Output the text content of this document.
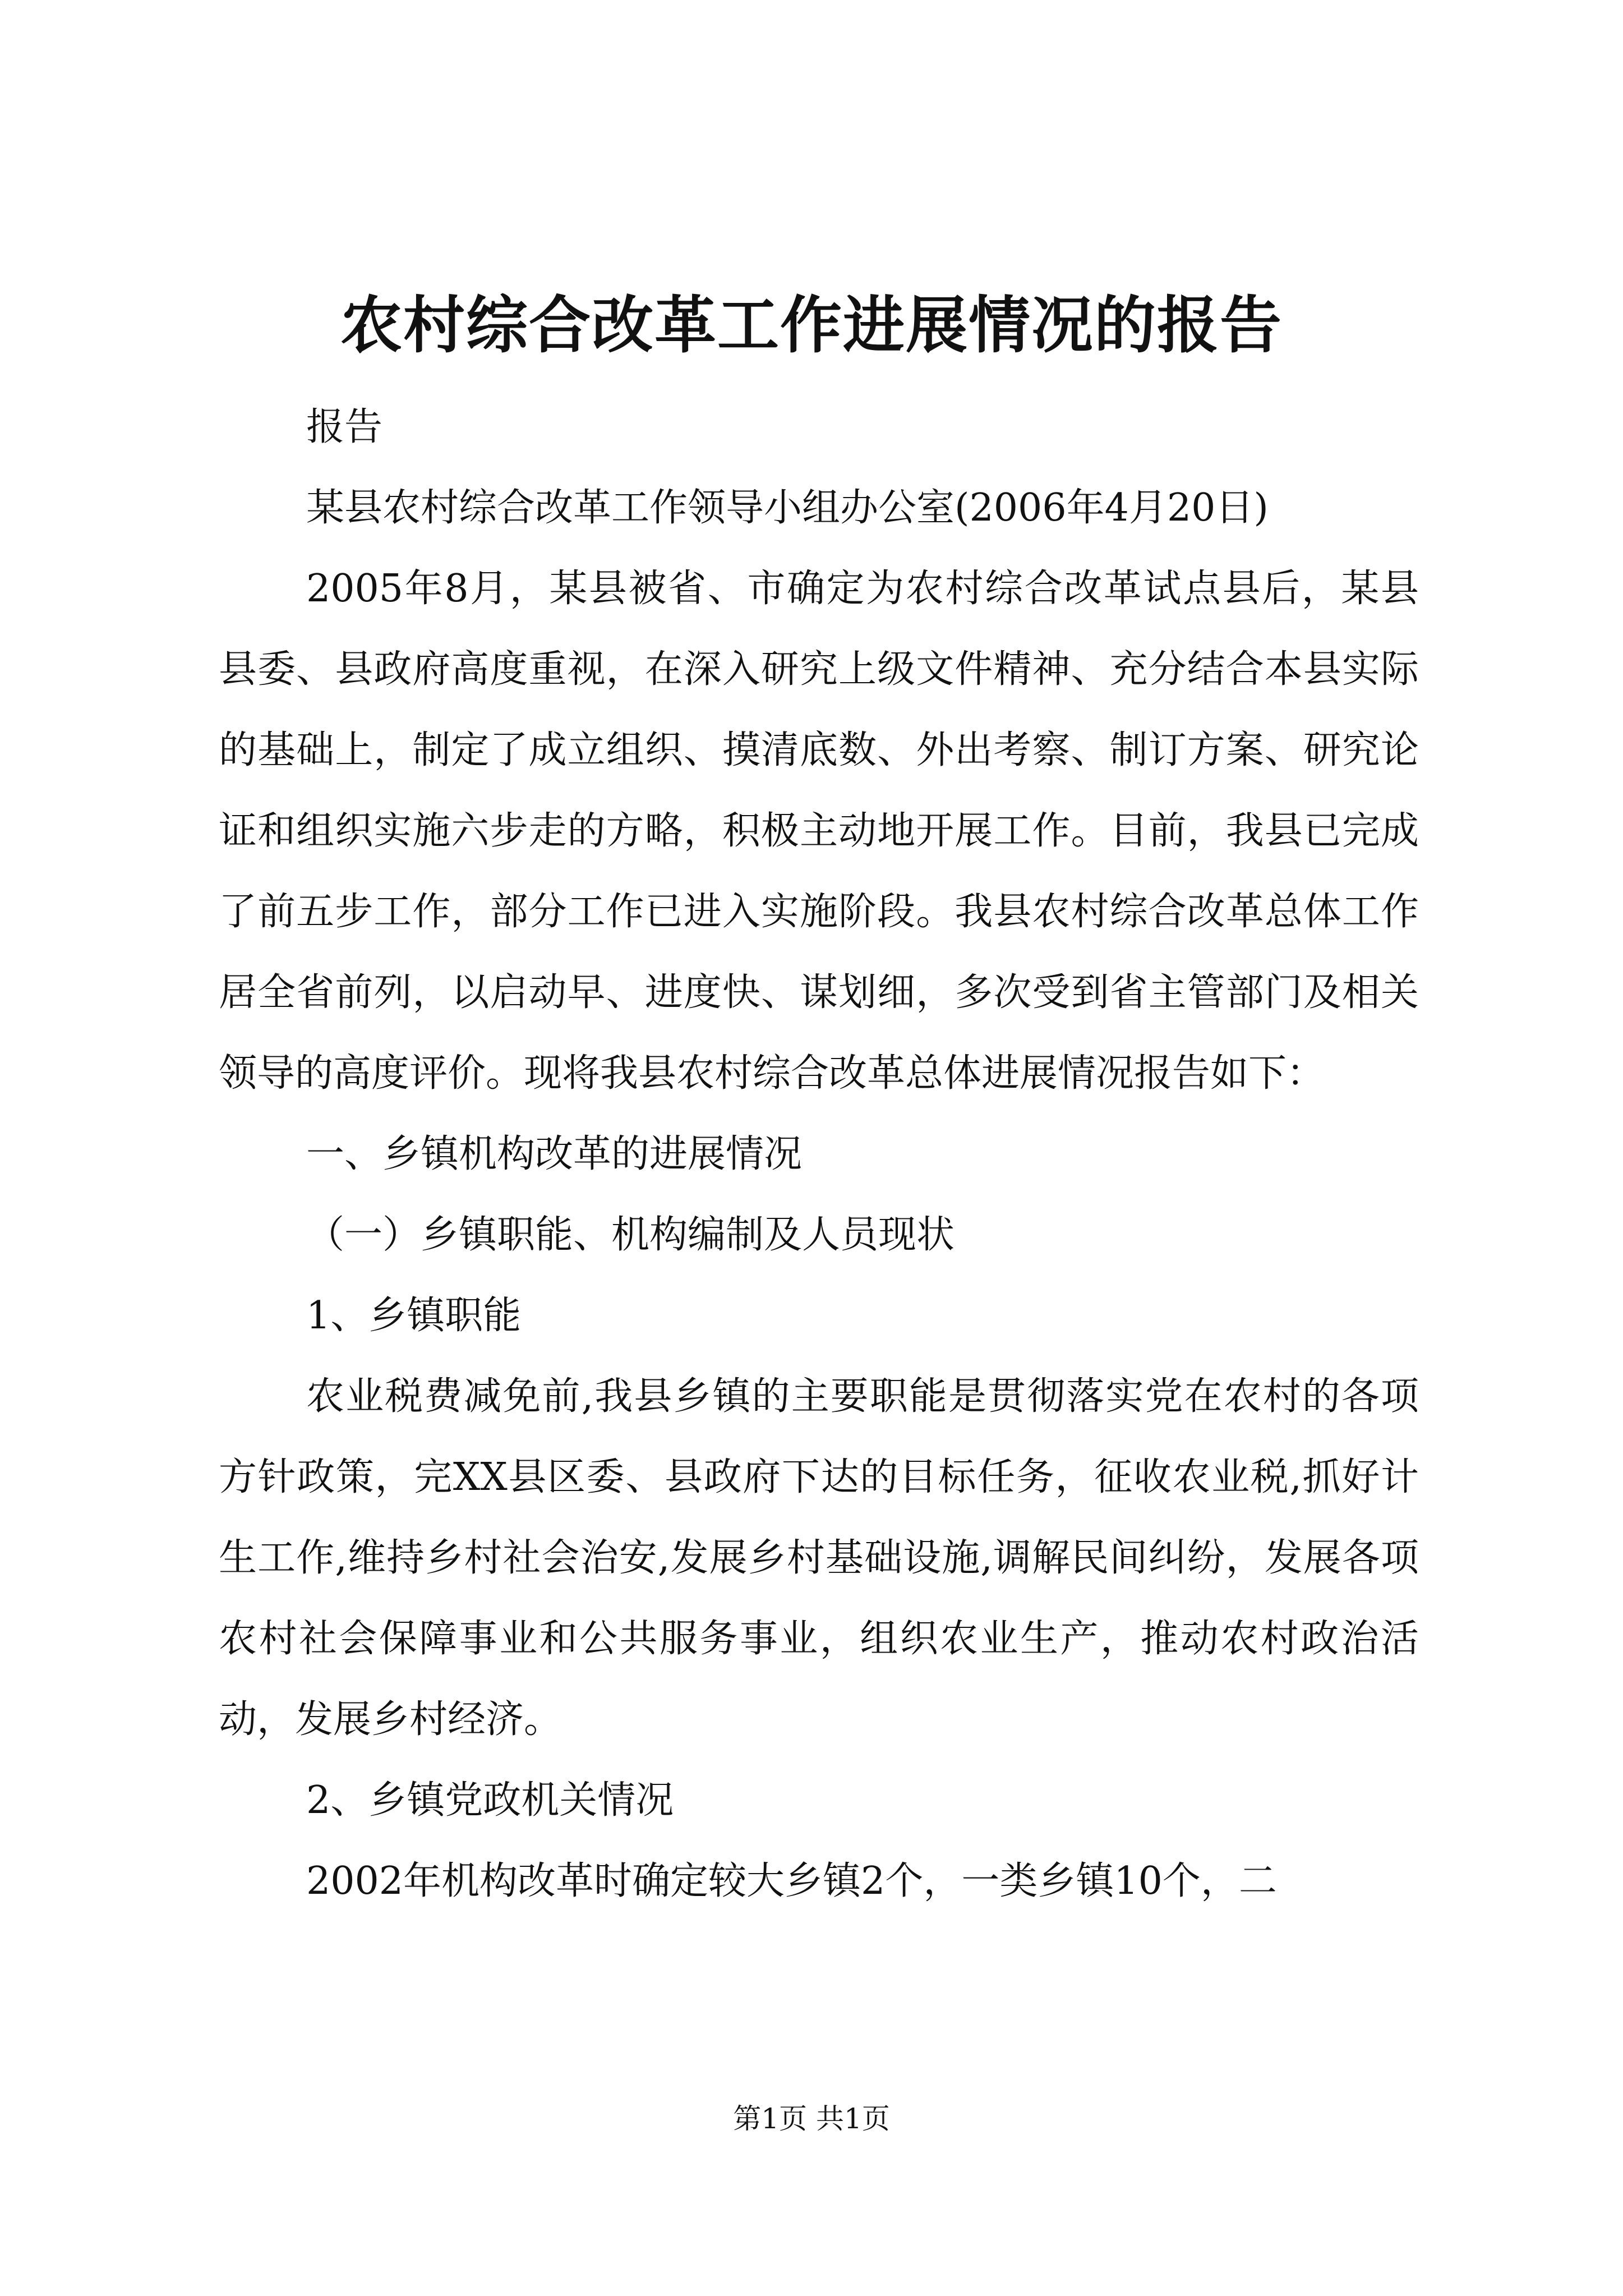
农村综合改革工作进展情况的报告

报告

某县农村综合改革工作领导小组办公室(2006年4月20日)

2005年8月，某县被省、市确定为农村综合改革试点县后，某县县委、县政府高度重视，在深入研究上级文件精神、充分结合本县实际的基础上，制定了成立组织、摸清底数、外出考察、制订方案、研究论证和组织实施六步走的方略，积极主动地开展工作。目前，我县已完成了前五步工作，部分工作已进入实施阶段。我县农村综合改革总体工作居全省前列，以启动早、进度快、谋划细，多次受到省主管部门及相关领导的高度评价。现将我县农村综合改革总体进展情况报告如下：

一、乡镇机构改革的进展情况

（一）乡镇职能、机构编制及人员现状

1、乡镇职能

农业税费减免前,我县乡镇的主要职能是贯彻落实党在农村的各项方针政策，完XX县区委、县政府下达的目标任务，征收农业税,抓好计生工作,维持乡村社会治安,发展乡村基础设施,调解民间纠纷，发展各项农村社会保障事业和公共服务事业，组织农业生产，推动农村政治活动，发展乡村经济。

2、乡镇党政机关情况

2002年机构改革时确定较大乡镇2个，一类乡镇10个，二

第1页 共1页
